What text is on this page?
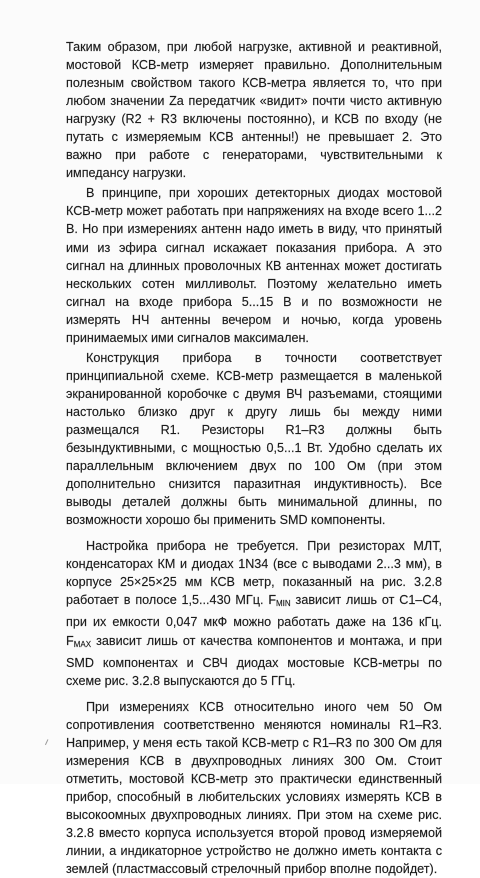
Таким образом, при любой нагрузке, активной и реактивной, мостовой КСВ-метр измеряет правильно. Дополнительным полезным свойством такого КСВ-метра является то, что при любом значении Za передатчик «видит» почти чисто активную нагрузку (R2 + R3 включены постоянно), и КСВ по входу (не путать с измеряемым КСВ антенны!) не превышает 2. Это важно при работе с генераторами, чувствительными к импедансу нагрузки.

В принципе, при хороших детекторных диодах мостовой КСВ-метр может работать при напряжениях на входе всего 1...2 В. Но при измерениях антенн надо иметь в виду, что принятый ими из эфира сигнал искажает показания прибора. А это сигнал на длинных проволочных КВ антеннах может достигать нескольких сотен милливольт. Поэтому желательно иметь сигнал на входе прибора 5...15 В и по возможности не измерять НЧ антенны вечером и ночью, когда уровень принимаемых ими сигналов максимален.

Конструкция прибора в точности соответствует принципиальной схеме. КСВ-метр размещается в маленькой экранированной коробочке с двумя ВЧ разъемами, стоящими настолько близко друг к другу лишь бы между ними размещался R1. Резисторы R1–R3 должны быть безындуктивными, с мощностью 0,5...1 Вт. Удобно сделать их параллельным включением двух по 100 Ом (при этом дополнительно снизится паразитная индуктивность). Все выводы деталей должны быть минимальной длинны, по возможности хорошо бы применить SMD компоненты.

Настройка прибора не требуется. При резисторах МЛТ, конденсаторах КМ и диодах 1N34 (все с выводами 2...3 мм), в корпусе 25×25×25 мм КСВ метр, показанный на рис. 3.2.8 работает в полосе 1,5...430 МГц. $F_{MIN}$ зависит лишь от С1–С4, при их емкости 0,047 мкФ можно работать даже на 136 кГц. $F_{MAX}$ зависит лишь от качества компонентов и монтажа, и при SMD компонентах и СВЧ диодах мостовые КСВ-метры по схеме рис. 3.2.8 выпускаются до 5 ГГц.

При измерениях КСВ относительно иного чем 50 Ом сопротивления соответственно меняются номиналы R1–R3. Например, у меня есть такой КСВ-метр с R1–R3 по 300 Ом для измерения КСВ в двухпроводных линиях 300 Ом. Стоит отметить, мостовой КСВ-метр это практически единственный прибор, способный в любительских условиях измерять КСВ в высокоомных двухпроводных линиях. При этом на схеме рис. 3.2.8 вместо корпуса используется второй провод измеряемой линии, а индикаторное устройство не должно иметь контакта с землей (пластмассовый стрелочный прибор вполне подойдет).
